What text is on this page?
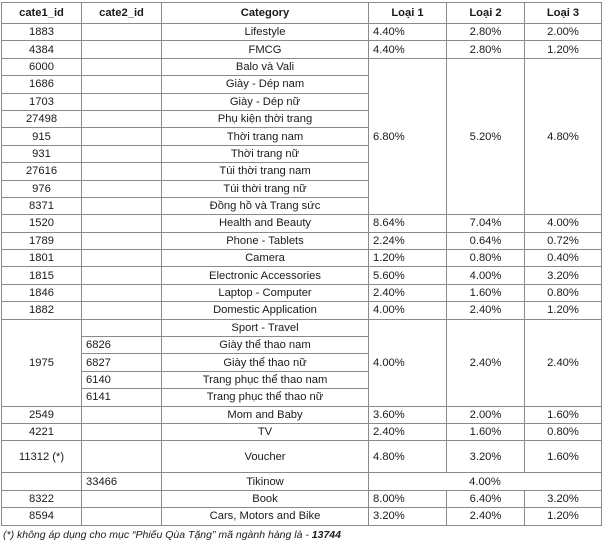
cate1_id	cate2_id	Category	Loại 1	Loại 2	Loại 3
1883		Lifestyle	4.40%	2.80%	2.00%
4384		FMCG	4.40%	2.80%	1.20%
6000		Balo và Vali	6.80%	5.20%	4.80%
1686		Giày - Dép nam			
1703		Giày - Dép nữ			
27498		Phụ kiện thời trang			
915		Thời trang nam			
931		Thời trang nữ			
27616		Túi thời trang nam			
976		Túi thời trang nữ			
8371		Đồng hồ và Trang sức			
1520		Health and Beauty	8.64%	7.04%	4.00%
1789		Phone - Tablets	2.24%	0.64%	0.72%
1801		Camera	1.20%	0.80%	0.40%
1815		Electronic Accessories	5.60%	4.00%	3.20%
1846		Laptop - Computer	2.40%	1.60%	0.80%
1882		Domestic Application	4.00%	2.40%	1.20%
1975		Sport - Travel	4.00%	2.40%	2.40%
	6826	Giày thể thao nam			
	6827	Giày thể thao nữ			
	6140	Trang phục thể thao nam			
	6141	Trang phục thể thao nữ			
2549		Mom and Baby	3.60%	2.00%	1.60%
4221		TV	2.40%	1.60%	0.80%
11312 (*)		Voucher	4.80%	3.20%	1.60%
	33466	Tikinow	4.00%		
8322		Book	8.00%	6.40%	3.20%
8594		Cars, Motors and Bike	3.20%	2.40%	1.20%
(*) không áp dụng cho mục “Phiếu Qùa Tặng” mã ngành hàng là - 13744
